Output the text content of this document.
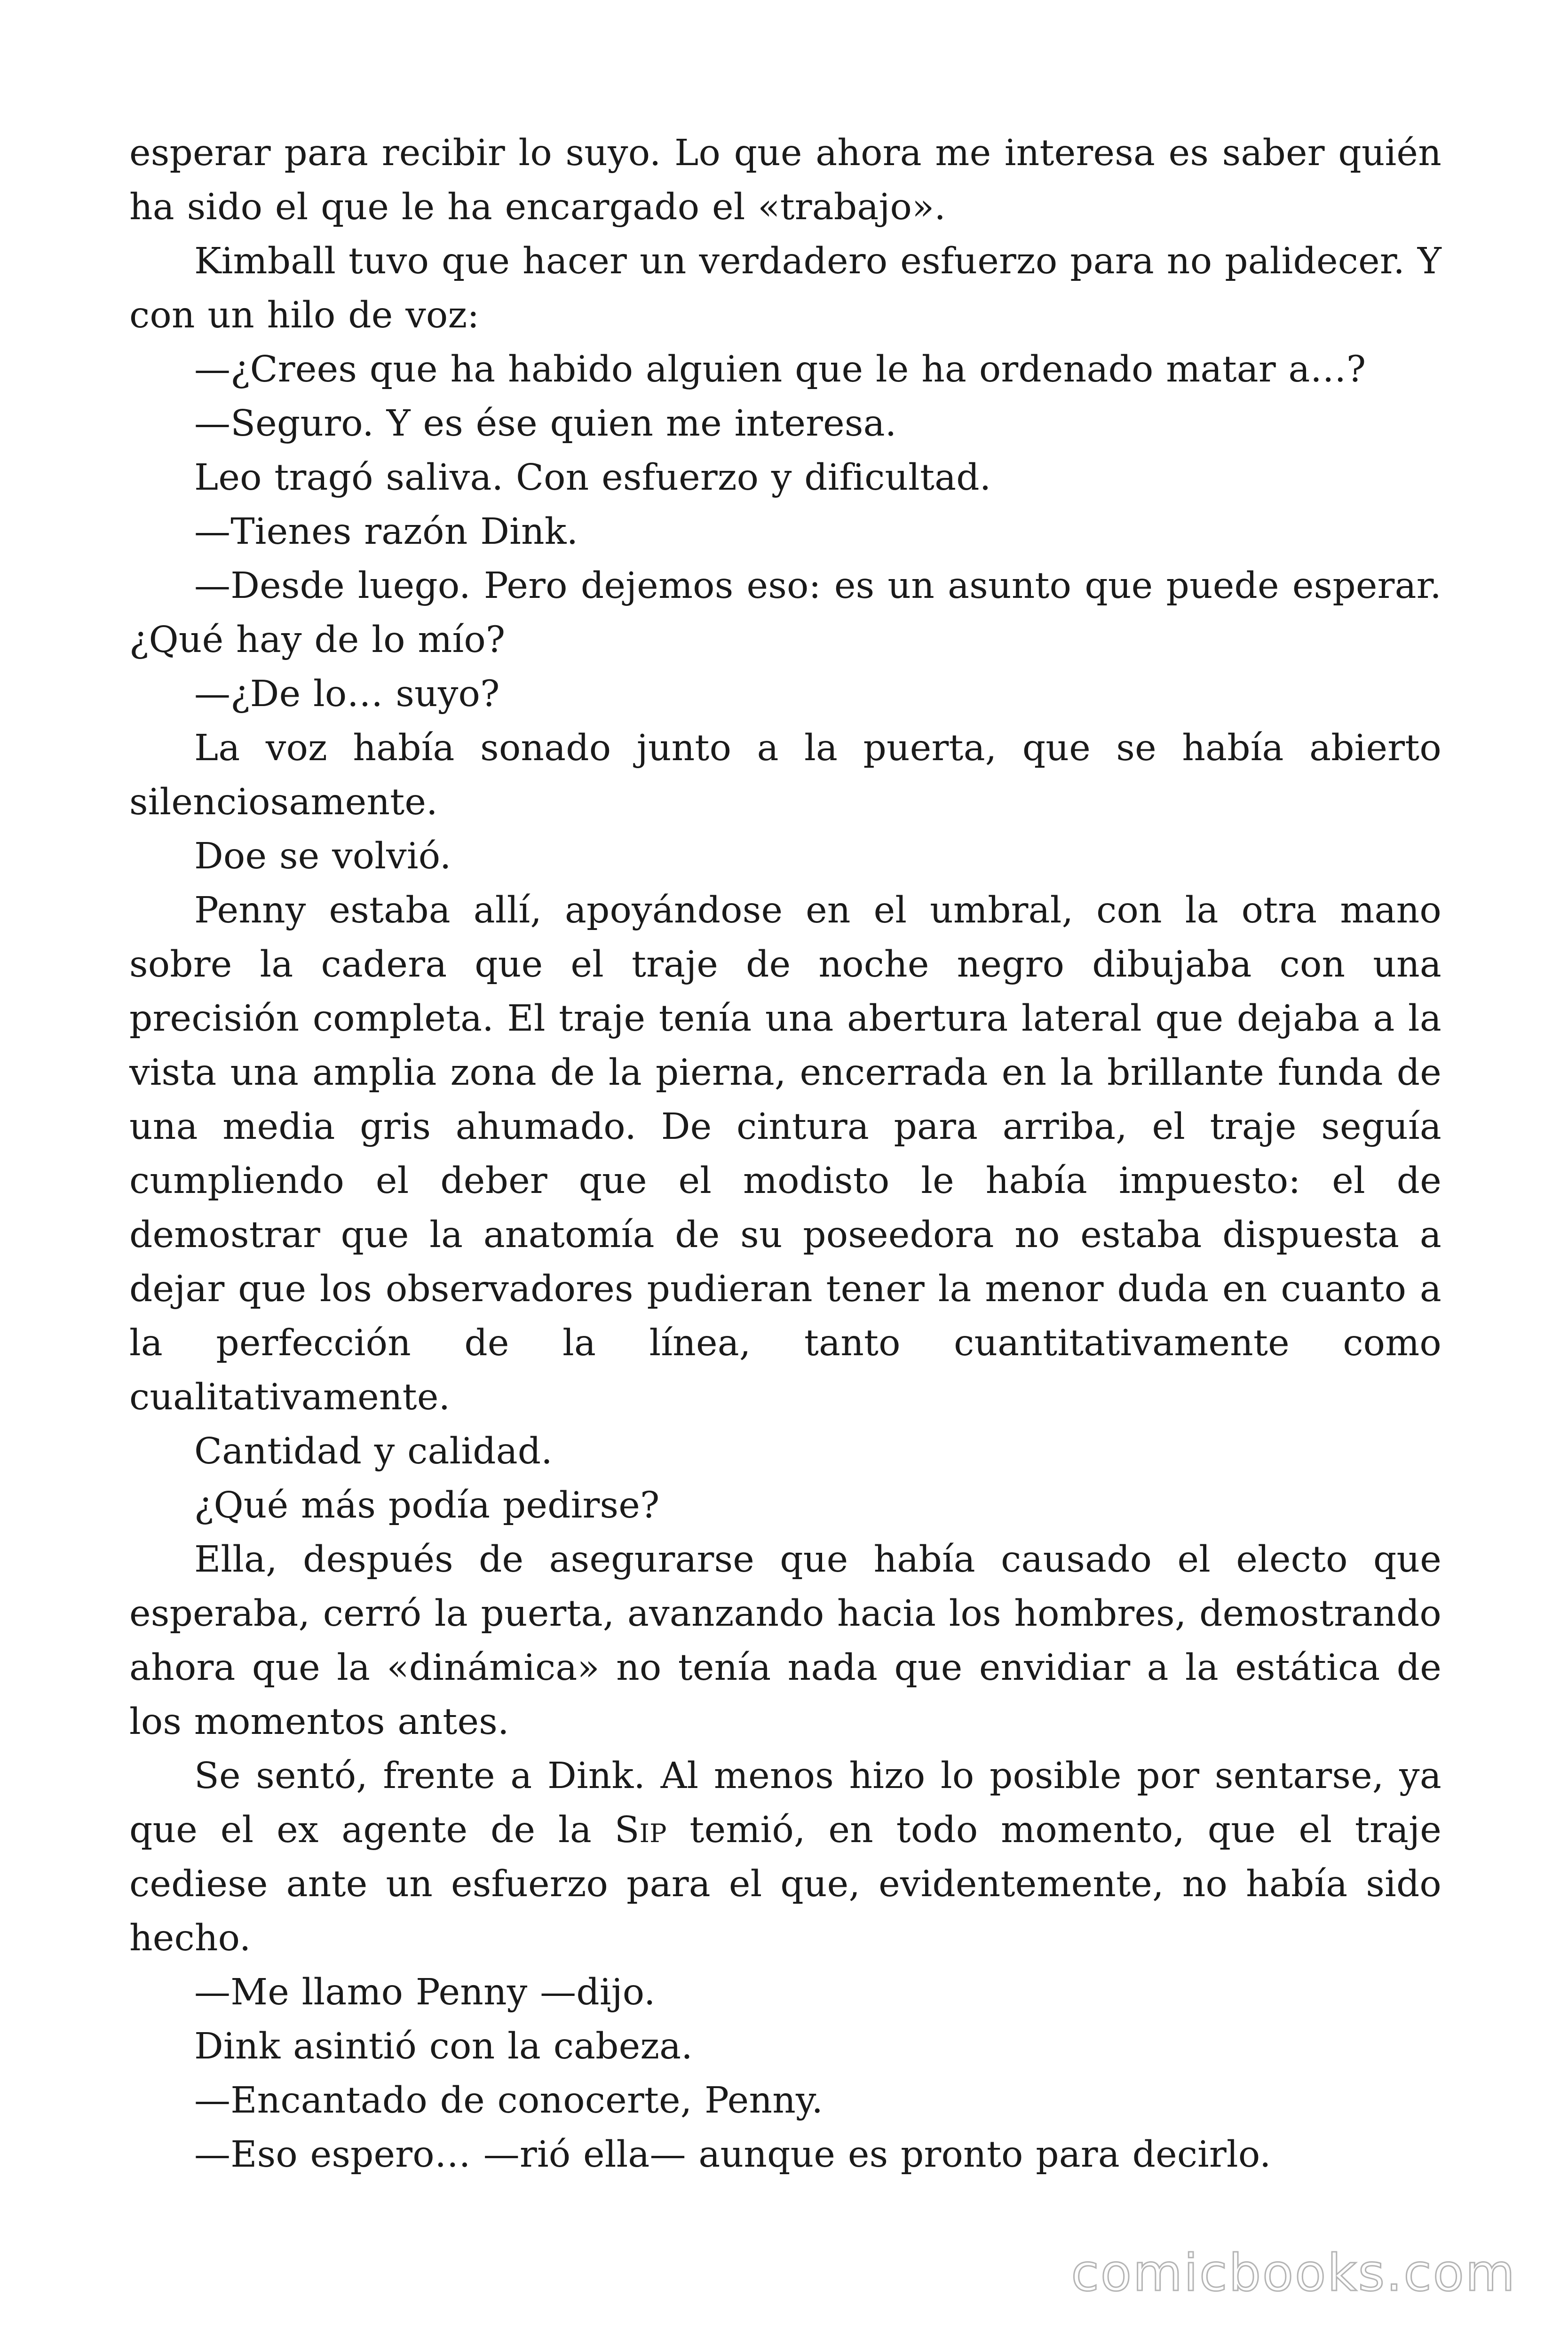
esperar para recibir lo suyo. Lo que ahora me interesa es saber quién ha sido el que le ha encargado el «trabajo».

Kimball tuvo que hacer un verdadero esfuerzo para no palidecer. Y con un hilo de voz:

—¿Crees que ha habido alguien que le ha ordenado matar a…?

—Seguro. Y es ése quien me interesa.

Leo tragó saliva. Con esfuerzo y dificultad.

—Tienes razón Dink.

—Desde luego. Pero dejemos eso: es un asunto que puede esperar. ¿Qué hay de lo mío?

—¿De lo… suyo?

La voz había sonado junto a la puerta, que se había abierto silenciosamente.

Doe se volvió.

Penny estaba allí, apoyándose en el umbral, con la otra mano sobre la cadera que el traje de noche negro dibujaba con una precisión completa. El traje tenía una abertura lateral que dejaba a la vista una amplia zona de la pierna, encerrada en la brillante funda de una media gris ahumado. De cintura para arriba, el traje seguía cumpliendo el deber que el modisto le había impuesto: el de demostrar que la anatomía de su poseedora no estaba dispuesta a dejar que los observadores pudieran tener la menor duda en cuanto a la perfección de la línea, tanto cuantitativamente como cualitativamente.

Cantidad y calidad.

¿Qué más podía pedirse?

Ella, después de asegurarse que había causado el electo que esperaba, cerró la puerta, avanzando hacia los hombres, demostrando ahora que la «dinámica» no tenía nada que envidiar a la estática de los momentos antes.

Se sentó, frente a Dink. Al menos hizo lo posible por sentarse, ya que el ex agente de la Sip temió, en todo momento, que el traje cediese ante un esfuerzo para el que, evidentemente, no había sido hecho.

—Me llamo Penny —dijo.

Dink asintió con la cabeza.

—Encantado de conocerte, Penny.

—Eso espero… —rió ella— aunque es pronto para decirlo.

comicbooks.com
